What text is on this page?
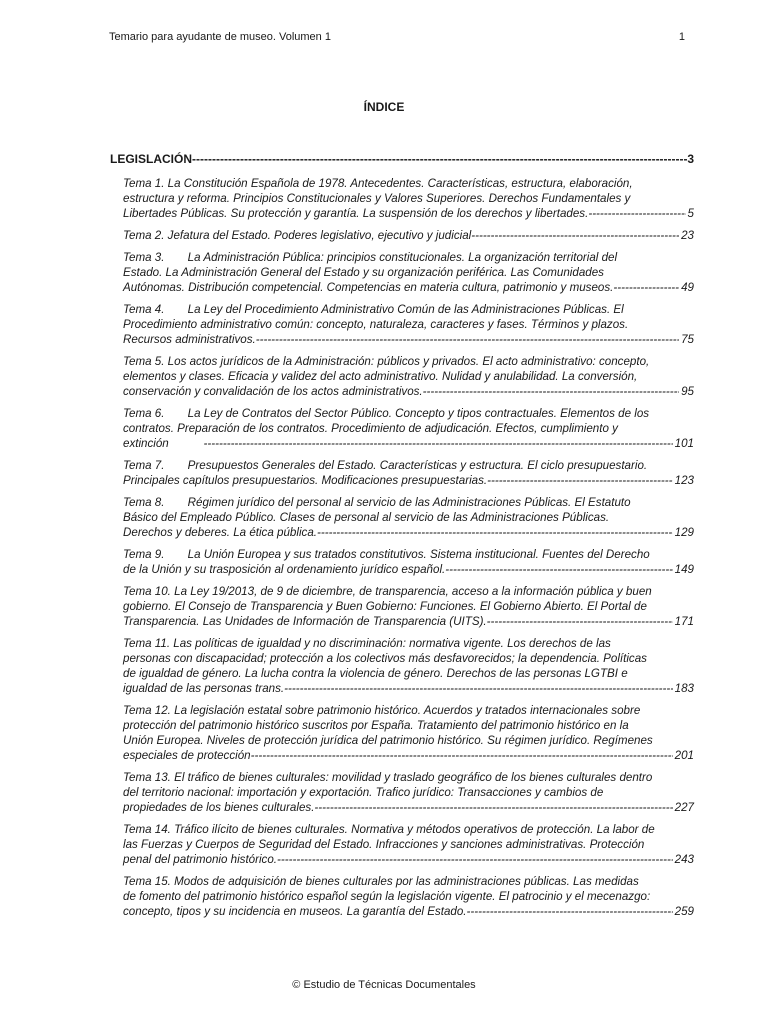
Temario para ayudante de museo. Volumen 1	1
ÍNDICE
LEGISLACIÓN -----	3
Tema 1. La Constitución Española de 1978. Antecedentes. Características, estructura, elaboración,
estructura y reforma. Principios Constitucionales y Valores Superiores. Derechos Fundamentales y
Libertades Públicas. Su protección y garantía. La suspensión de los derechos y libertades. -----	5
Tema 2. Jefatura del Estado. Poderes legislativo, ejecutivo y judicial -----	23
Tema 3.  La Administración Pública: principios constitucionales. La organización territorial del
Estado. La Administración General del Estado y su organización periférica. Las Comunidades
Autónomas. Distribución competencial. Competencias en materia cultura, patrimonio y museos. -----	49
Tema 4.  La Ley del Procedimiento Administrativo Común de las Administraciones Públicas. El
Procedimiento administrativo común: concepto, naturaleza, caracteres y fases. Términos y plazos.
Recursos administrativos. -----	75
Tema 5. Los actos jurídicos de la Administración: públicos y privados. El acto administrativo: concepto,
elementos y clases. Eficacia y validez del acto administrativo. Nulidad y anulabilidad. La conversión,
conservación y convalidación de los actos administrativos. -----	95
Tema 6.  La Ley de Contratos del Sector Público. Concepto y tipos contractuales. Elementos de los
contratos. Preparación de los contratos. Procedimiento de adjudicación. Efectos, cumplimiento y
extinción    -----	101
Tema 7.  Presupuestos Generales del Estado. Características y estructura. El ciclo presupuestario.
Principales capítulos presupuestarios. Modificaciones presupuestarias. -----	123
Tema 8.  Régimen jurídico del personal al servicio de las Administraciones Públicas. El Estatuto
Básico del Empleado Público. Clases de personal al servicio de las Administraciones Públicas.
Derechos y deberes. La ética pública. -----	129
Tema 9.  La Unión Europea y sus tratados constitutivos. Sistema institucional. Fuentes del Derecho
de la Unión y su trasposición al ordenamiento jurídico español. -----	149
Tema 10. La Ley 19/2013, de 9 de diciembre, de transparencia, acceso a la información pública y buen
gobierno. El Consejo de Transparencia y Buen Gobierno: Funciones. El Gobierno Abierto. El Portal de
Transparencia. Las Unidades de Información de Transparencia (UITS). -----	171
Tema 11. Las políticas de igualdad y no discriminación: normativa vigente. Los derechos de las
personas con discapacidad; protección a los colectivos más desfavorecidos; la dependencia. Políticas
de igualdad de género. La lucha contra la violencia de género. Derechos de las personas LGTBI e
igualdad de las personas trans. -----	183
Tema 12. La legislación estatal sobre patrimonio histórico. Acuerdos y tratados internacionales sobre
protección del patrimonio histórico suscritos por España. Tratamiento del patrimonio histórico en la
Unión Europea. Niveles de protección jurídica del patrimonio histórico. Su régimen jurídico. Regímenes
especiales de protección -----	201
Tema 13. El tráfico de bienes culturales: movilidad y traslado geográfico de los bienes culturales dentro
del territorio nacional: importación y exportación. Trafico jurídico: Transacciones y cambios de
propiedades de los bienes culturales. -----	227
Tema 14. Tráfico ilícito de bienes culturales. Normativa y métodos operativos de protección. La labor de
las Fuerzas y Cuerpos de Seguridad del Estado. Infracciones y sanciones administrativas. Protección
penal del patrimonio histórico. -----	243
Tema 15. Modos de adquisición de bienes culturales por las administraciones públicas. Las medidas
de fomento del patrimonio histórico español según la legislación vigente. El patrocinio y el mecenazgo:
concepto, tipos y su incidencia en museos. La garantía del Estado. -----	259
© Estudio de Técnicas Documentales
